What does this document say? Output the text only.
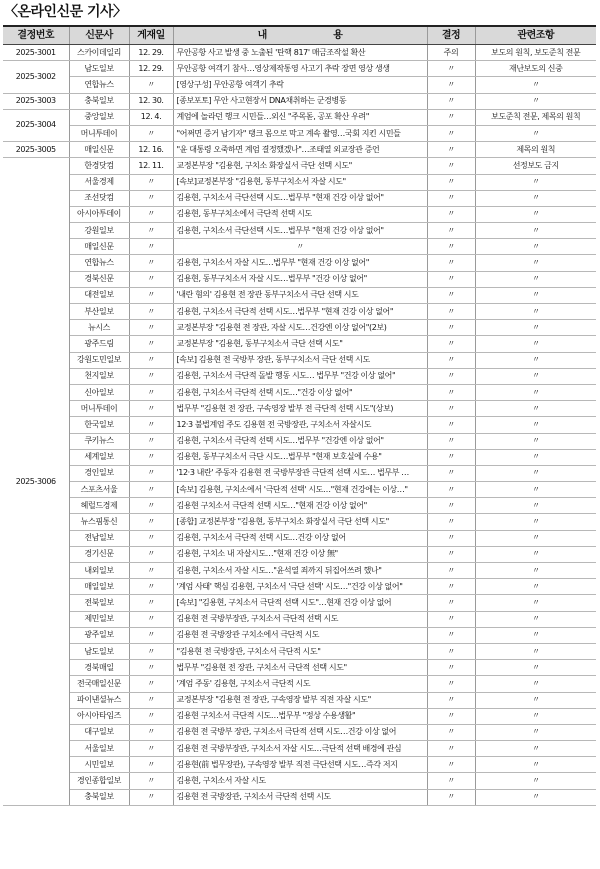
〈온라인신문 기사〉
결정번호	신문사	게재일	내　　　　　　　용	결정	관련조항
2025-3001	스카이데일리	12. 29.	무안공항 사고 발생 중 노출된 '탄핵 817' 매금조작설 확산	주의	보도의 원칙, 보도준칙 전문
2025-3002	남도일보	12. 29.	무안공항 여객기 참사…영상제작통영 사고기 추락 장면 영상 생생	〃	재난보도의 신중
	연합뉴스	〃	[영상구성] 무안공항 여객기 추락	〃	〃
2025-3003	충북일보	12. 30.	[종보포토] 무안 사고현장서 DNA채취하는 군경병동	〃	〃
2025-3004	중앙일보	12. 4.	계엄에 놀라던 행크 시민들…외신 "주목돋, 공포 확산 우려"	〃	보도준칙 전문, 제목의 원칙
	머니투데이	〃	"어쩌면 증거 남기자" 탱크 몸으로 막고 계속 촬영…국회 지킨 시민들	〃	〃
2025-3005	매일신문	12. 16.	"윤 대통령 오죽하면 계엄 결정했겠나"…조태열 외교장관 증언	〃	제목의 원칙
2025-3006	한경닷컴	12. 11.	교정본부장 "김용현, 구치소 화장실서 극단 선택 시도"	〃	선정보도 금지
	서울경제	〃	[속보]교정본부장 "김용현, 동부구치소서 자살 시도"	〃	〃
	조선닷컴	〃	김용현, 구치소서 극단선택 시도…법무부 "현재 건강 이상 없어"	〃	〃
	아시아투데이	〃	김용현, 동부구치소에서 극단적 선택 시도	〃	〃
	강원일보	〃	김용현, 구치소서 극단선택 시도…법무부 "현재 건강 이상 없어"	〃	〃
	매일신문	〃	〃	〃	〃
	연합뉴스	〃	김용현, 구치소서 자살 시도…법무부 "현재 건강 이상 없어"	〃	〃
	경북신문	〃	김용현, 동부구치소서 자살 시도…법무부 "건강 이상 없어"	〃	〃
	대전일보	〃	'내란 혐의' 김용현 전 장관 동부구치소서 극단 선택 시도	〃	〃
	부산일보	〃	김용현, 구치소서 극단적 선택 시도…법무부 "현재 건강 이상 없어"	〃	〃
	뉴시스	〃	교정본부장 "김용현 전 장관, 자살 시도…건강엔 이상 없어"(2보)	〃	〃
	광주드림	〃	교정본부장 "김용현, 동부구치소서 극단 선택 시도"	〃	〃
	강원도민일보	〃	[속보] 김용현 전 국방부 장관, 동부구치소서 극단 선택 시도	〃	〃
	천지일보	〃	김용현, 구치소서 극단적 돌발 행동 시도… 법무부 "건강 이상 없어"	〃	〃
	신아일보	〃	김용현, 구치소서 극단적 선택 시도…"건강 이상 없어"	〃	〃
	머니투데이	〃	법무부 "김용현 전 장관, 구속영장 발부 전 극단적 선택 시도"(상보)	〃	〃
	한국일보	〃	12·3 불법계엄 주도 김용현 전 국방장관, 구치소서 자살시도	〃	〃
	쿠키뉴스	〃	김용현, 구치소서 극단적 선택 시도…법무부 "건강엔 이상 없어"	〃	〃
	세계일보	〃	김용현, 동부구치소서 극단 시도…법무부 "현재 보호실에 수용"	〃	〃
	경인일보	〃	'12·3 내란' 주동자 김용현 전 국방부장관 극단적 선택 시도… 법무부 …	〃	〃
	스포츠서울	〃	[속보] 김용현, 구치소에서 '극단적 선택' 시도…"현재 건강에는 이상…"	〃	〃
	헤럴드경제	〃	김용현 구치소서 극단적 선택 시도…"현재 건강 이상 없어"	〃	〃
	뉴스핌통신	〃	[종합] 교정본부장 "김용현, 동부구치소 화장실서 극단 선택 시도"	〃	〃
	전남일보	〃	김용현, 구치소서 극단적 선택 시도…건강 이상 없어	〃	〃
	경기신문	〃	김용현, 구치소 내 자살시도…"현재 건강 이상 無"	〃	〃
	내외일보	〃	김용현, 구치소서 자살 시도…"윤석열 죄까지 뒤집어쓰려 했나"	〃	〃
	매일일보	〃	'계엄 사태' 핵심 김용현, 구치소서 '극단 선택' 시도…"건강 이상 없어"	〃	〃
	전북일보	〃	[속보] "김용현, 구치소서 극단적 선택 시도"…현재 건강 이상 없어	〃	〃
	제민일보	〃	김용현 전 국방부장관, 구치소서 극단적 선택 시도	〃	〃
	광주일보	〃	김용현 전 국방장관 구치소에서 극단적 시도	〃	〃
	남도일보	〃	"김용현 전 국방장관, 구치소서 극단적 시도"	〃	〃
	경북매일	〃	법무부 "김용현 전 장관, 구치소서 극단적 선택 시도"	〃	〃
	전국매일신문	〃	'계엄 주동' 김용현, 구치소서 극단적 시도	〃	〃
	파이낸셜뉴스	〃	교정본부장 "김용현 전 장관, 구속영장 발부 직전 자살 시도"	〃	〃
	아시아타임즈	〃	김용현 구치소서 극단적 시도…법무부 "정상 수용생활"	〃	〃
	대구일보	〃	김용현 전 국방부 장관, 구치소서 극단적 선택 시도…건강 이상 없어	〃	〃
	서울일보	〃	김용현 전 국방부장관, 구치소서 자살 시도…극단적 선택 배경에 관심	〃	〃
	시민일보	〃	김용현(前 법무장관), 구속영장 발부 직전 극단선택 시도…즉각 저지	〃	〃
	경인종합일보	〃	김용현, 구치소서 자살 시도	〃	〃
	충북일보	〃	김용현 전 국방장관, 구치소서 극단적 선택 시도	〃	〃
